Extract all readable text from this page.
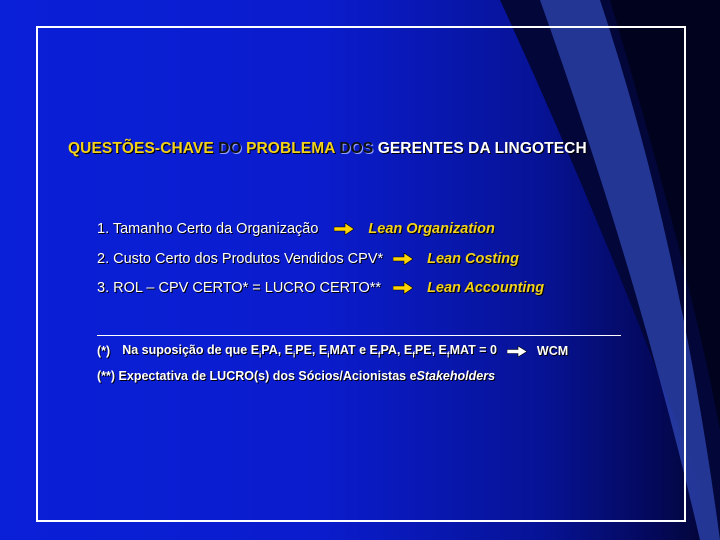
QUESTÕES-CHAVE DO PROBLEMA DOS GERENTES DA LINGOTECH
1. Tamanho Certo da Organização	Lean Organization
2. Custo Certo dos Produtos Vendidos CPV*	Lean Costing
3. ROL – CPV CERTO* = LUCRO CERTO**	Lean Accounting
(*) Na suposição de que $E_iPA$, $E_iPE$, $E_iMAT$ e $E_fPA$, $E_fPE$, $E_fMAT = 0$	WCM
(**) Expectativa de LUCRO(s) dos Sócios/Acionistas e Stakeholders
